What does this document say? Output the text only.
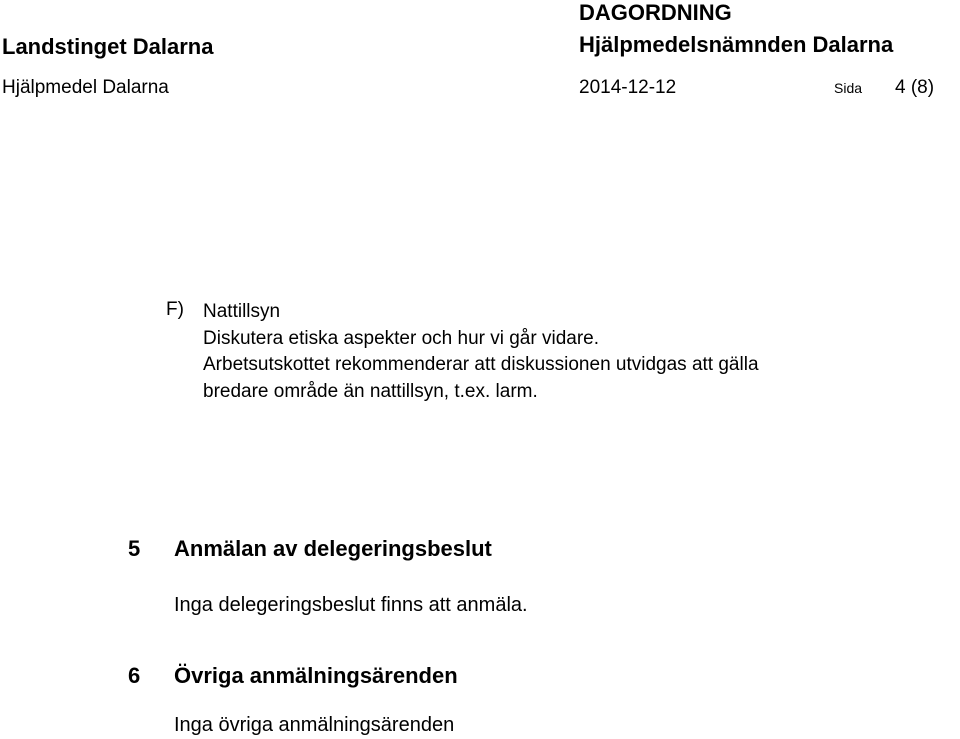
Landstinget Dalarna
DAGORDNING
Hjälpmedelsnämnden Dalarna
Hjälpmedel Dalarna	2014-12-12	Sida 4 (8)
F) Nattillsyn
Diskutera etiska aspekter och hur vi går vidare.
Arbetsutskottet rekommenderar att diskussionen utvidgas att gälla
bredare område än nattillsyn, t.ex. larm.
5 Anmälan av delegeringsbeslut
Inga delegeringsbeslut finns att anmäla.
6 Övriga anmälningsärenden
Inga övriga anmälningsärenden
